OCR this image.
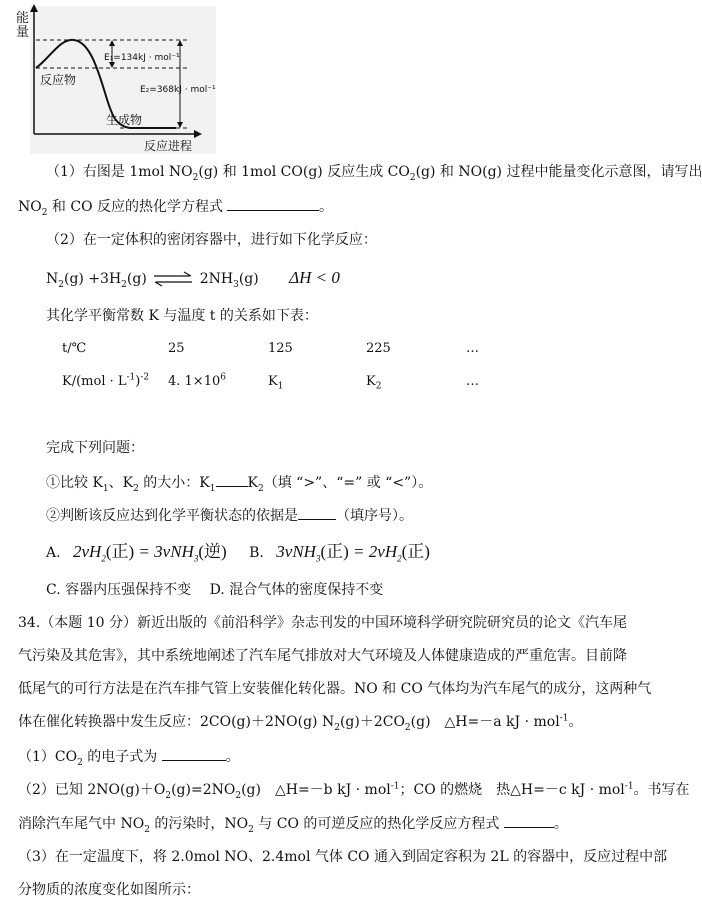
能
量
E₁=134kJ · mol⁻¹
E₂=368kJ · mol⁻¹
反应物
生成物
反应进程
（1）右图是 1mol $NO_2(g)$ 和 1mol CO(g) 反应生成 $CO_2(g)$ 和 NO(g) 过程中能量变化示意图，请写出
$NO_2$ 和 CO 反应的热化学方程式	。
（2）在一定体积的密闭容器中，进行如下化学反应：
$N_2(g) +3H_2(g)$ ⇌ $2NH_3(g) \Delta H < 0$
其化学平衡常数 K 与温度 t 的关系如下表：
t/℃	25	125	225	…
$K/(mol \cdot L^{-1})^{-2}$ 4. $1\times 10^6$	$K_1$	$K_2$	…
完成下列问题：
①比较 $K_1$、$K_2$ 的大小：$K_1$ $K_2$（填 “>”、“=” 或 “<”）。
②判断该反应达到化学平衡状态的依据是	（填序号）。
A. $2vH_2$(正) = 3vNH$_3$(逆) B. 3vNH$_3$(正) = $2vH_2$(正)
C. 容器内压强保持不变 D. 混合气体的密度保持不变
34.（本题 10 分）新近出版的《前沿科学》杂志刊发的中国环境科学研究院研究员的论文《汽车尾
气污染及其危害》，其中系统地阐述了汽车尾气排放对大气环境及人体健康造成的严重危害。目前降
低尾气的可行方法是在汽车排气管上安装催化转化器。NO 和 CO 气体均为汽车尾气的成分，这两种气
体在催化转换器中发生反应：2CO(g)＋2NO(g) $N_2(g)+2CO_2(g)$　△H=－a kJ · mol$^{-1}$。
$(1)CO_2$ 的电子式为	。
（2）已知 $2NO(g)+O_2(g)=2NO_2(g)$　△H=－b kJ · mol$^{-1}$；CO 的燃烧　热△H=－c kJ · mol$^{-1}$。书写在
消除汽车尾气中 $NO_2$ 的污染时，$NO_2$ 与 CO 的可逆反应的热化学反应方程式	。
（3）在一定温度下，将 2.0mol NO、2.4mol 气体 CO 通入到固定容积为 2L 的容器中，反应过程中部
分物质的浓度变化如图所示：
